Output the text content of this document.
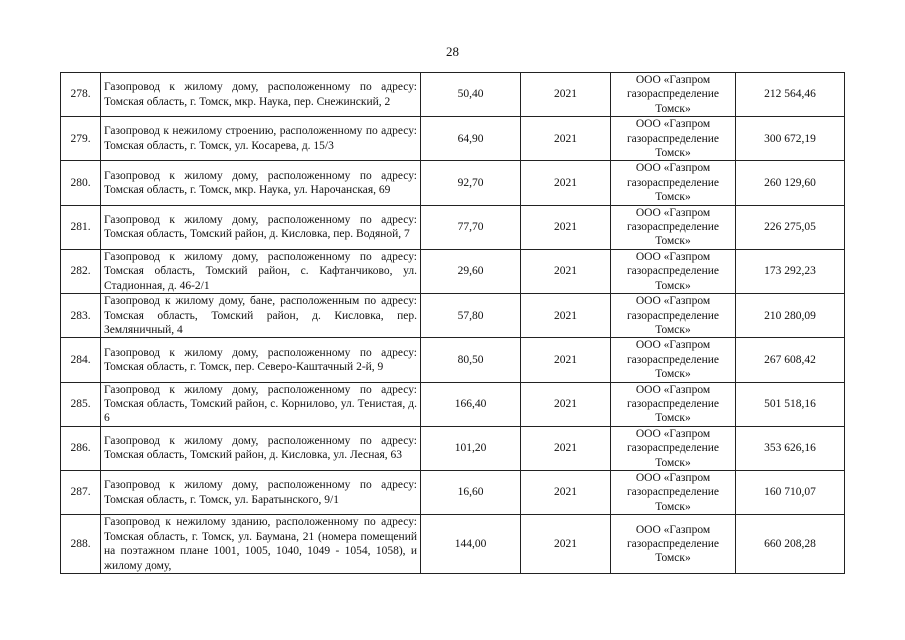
28
278.	Газопровод к жилому дому, расположенному по адресу: Томская область, г. Томск, мкр. Наука, пер. Снежинский, 2	50,40	2021	ООО «Газпром газораспределение Томск»	212 564,46
279.	Газопровод к нежилому строению, расположенному по адресу: Томская область, г. Томск, ул. Косарева, д. 15/3	64,90	2021	ООО «Газпром газораспределение Томск»	300 672,19
280.	Газопровод к жилому дому, расположенному по адресу: Томская область, г. Томск, мкр. Наука, ул. Нарочанская, 69	92,70	2021	ООО «Газпром газораспределение Томск»	260 129,60
281.	Газопровод к жилому дому, расположенному по адресу: Томская область, Томский район, д. Кисловка, пер. Водяной, 7	77,70	2021	ООО «Газпром газораспределение Томск»	226 275,05
282.	Газопровод к жилому дому, расположенному по адресу: Томская область, Томский район, с. Кафтанчиково, ул. Стадионная, д. 46-2/1	29,60	2021	ООО «Газпром газораспределение Томск»	173 292,23
283.	Газопровод к жилому дому, бане, расположенным по адресу: Томская область, Томский район, д. Кисловка, пер. Земляничный, 4	57,80	2021	ООО «Газпром газораспределение Томск»	210 280,09
284.	Газопровод к жилому дому, расположенному по адресу: Томская область, г. Томск, пер. Северо-Каштачный 2-й, 9	80,50	2021	ООО «Газпром газораспределение Томск»	267 608,42
285.	Газопровод к жилому дому, расположенному по адресу: Томская область, Томский район, с. Корнилово, ул. Тенистая, д. 6	166,40	2021	ООО «Газпром газораспределение Томск»	501 518,16
286.	Газопровод к жилому дому, расположенному по адресу: Томская область, Томский район, д. Кисловка, ул. Лесная, 63	101,20	2021	ООО «Газпром газораспределение Томск»	353 626,16
287.	Газопровод к жилому дому, расположенному по адресу: Томская область, г. Томск, ул. Баратынского, 9/1	16,60	2021	ООО «Газпром газораспределение Томск»	160 710,07
288.	Газопровод к нежилому зданию, расположенному по адресу: Томская область, г. Томск, ул. Баумана, 21 (номера помещений на поэтажном плане 1001, 1005, 1040, 1049 - 1054, 1058), и жилому дому,	144,00	2021	ООО «Газпром газораспределение Томск»	660 208,28
